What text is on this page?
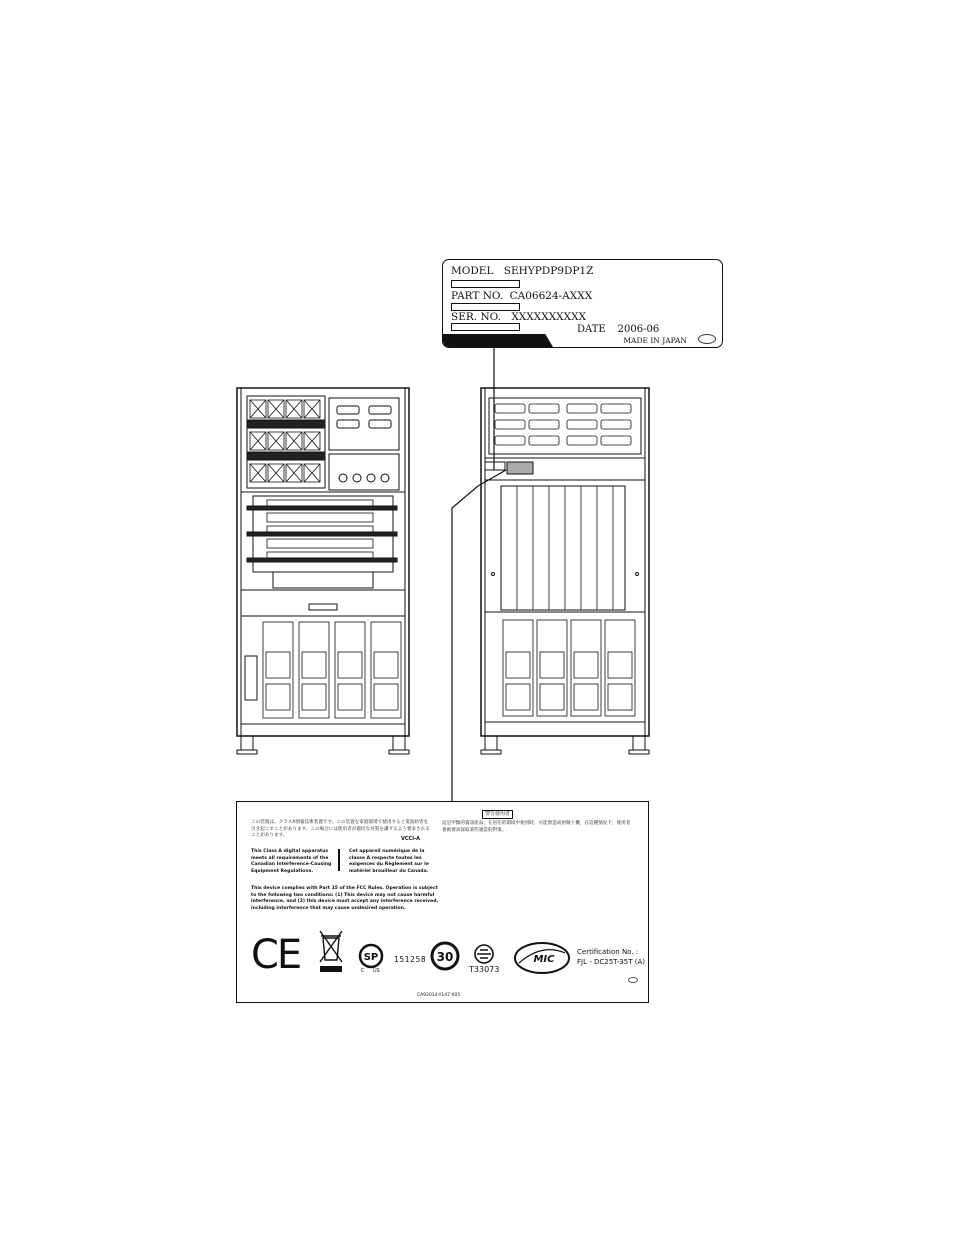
MODEL SEHYPDP9DP1Z
PART NO. CA06624-AXXX
SER. NO. XXXXXXXXXX
DATE 2006-06
MADE IN JAPAN
この装置は、クラスA情報技術装置です。この装置を家庭環境で使用すると電波妨害を引き起こすことがあります。この場合には使用者が適切な対策を講ずるよう要求されることがあります。
VCCI-A
This Class A digital apparatus meets all requirements of the Canadian Interference-Causing Equipment Regulations.
Cet appareil numérique de la classe A respecte toutes les exigences du Règlement sur le matériel brouilleur du Canada.
This device complies with Part 15 of the FCC Rules. Operation is subject to the following two conditions: (1) This device may not cause harmful interference, and (2) this device must accept any interference received, including interference that may cause undesired operation.
警告使用者
這是甲類的資訊產品，在居住的環境中使用時，可能會造成射頻干擾，在這種情況下，使用者會被要求採取某些適當的對策。
CE	SP 151258
C US
30
T33073
MIC
Certification No. :
FJL - DC25T-35T (A)
CA92014-Y147 X05
